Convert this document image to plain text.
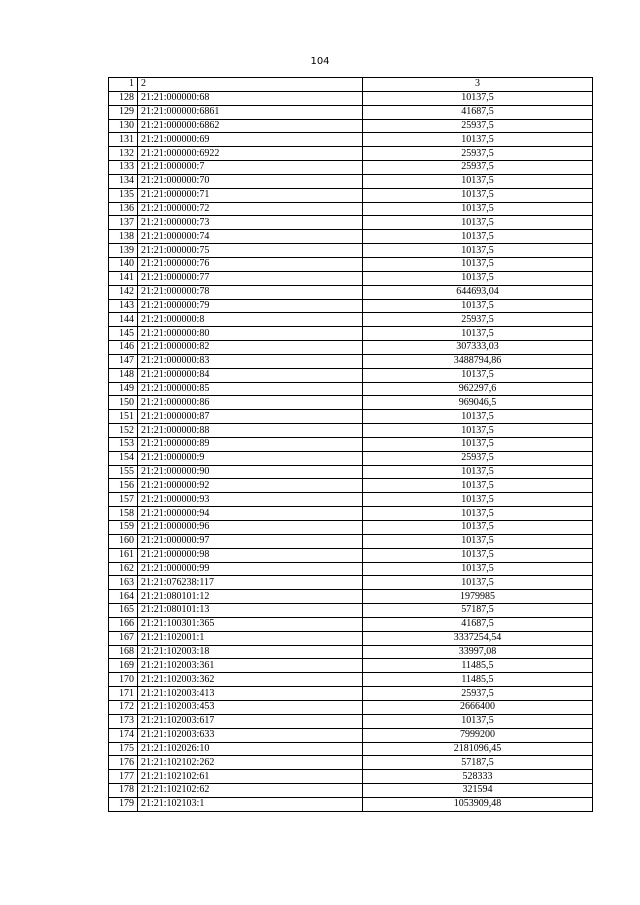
104
1	2	3
128	21:21:000000:68	10137,5
129	21:21:000000:6861	41687,5
130	21:21:000000:6862	25937,5
131	21:21:000000:69	10137,5
132	21:21:000000:6922	25937,5
133	21:21:000000:7	25937,5
134	21:21:000000:70	10137,5
135	21:21:000000:71	10137,5
136	21:21:000000:72	10137,5
137	21:21:000000:73	10137,5
138	21:21:000000:74	10137,5
139	21:21:000000:75	10137,5
140	21:21:000000:76	10137,5
141	21:21:000000:77	10137,5
142	21:21:000000:78	644693,04
143	21:21:000000:79	10137,5
144	21:21:000000:8	25937,5
145	21:21:000000:80	10137,5
146	21:21:000000:82	307333,03
147	21:21:000000:83	3488794,86
148	21:21:000000:84	10137,5
149	21:21:000000:85	962297,6
150	21:21:000000:86	969046,5
151	21:21:000000:87	10137,5
152	21:21:000000:88	10137,5
153	21:21:000000:89	10137,5
154	21:21:000000:9	25937,5
155	21:21:000000:90	10137,5
156	21:21:000000:92	10137,5
157	21:21:000000:93	10137,5
158	21:21:000000:94	10137,5
159	21:21:000000:96	10137,5
160	21:21:000000:97	10137,5
161	21:21:000000:98	10137,5
162	21:21:000000:99	10137,5
163	21:21:076238:117	10137,5
164	21:21:080101:12	1979985
165	21:21:080101:13	57187,5
166	21:21:100301:365	41687,5
167	21:21:102001:1	3337254,54
168	21:21:102003:18	33997,08
169	21:21:102003:361	11485,5
170	21:21:102003:362	11485,5
171	21:21:102003:413	25937,5
172	21:21:102003:453	2666400
173	21:21:102003:617	10137,5
174	21:21:102003:633	7999200
175	21:21:102026:10	2181096,45
176	21:21:102102:262	57187,5
177	21:21:102102:61	528333
178	21:21:102102:62	321594
179	21:21:102103:1	1053909,48
